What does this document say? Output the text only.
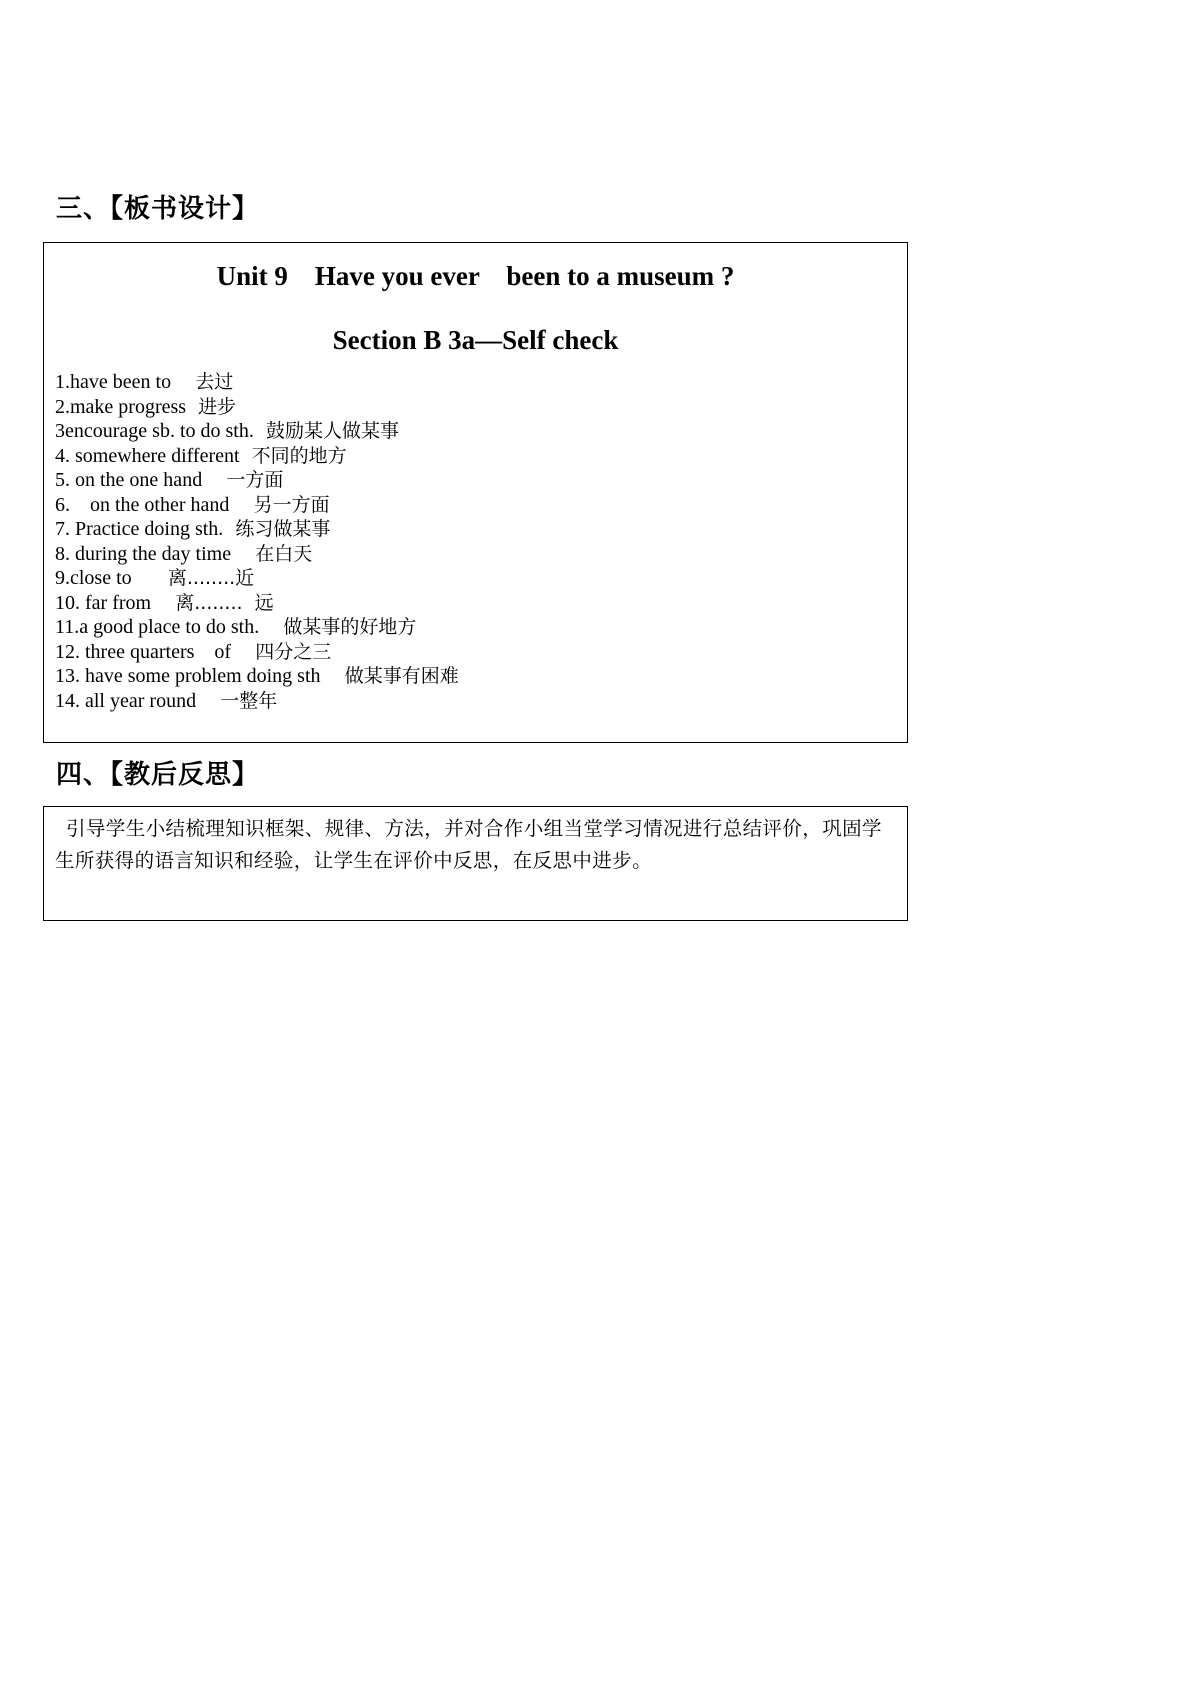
三、【板书设计】
Unit 9    Have you ever    been to a museum ?
Section B 3a—Self check
1.have been to    去过
2.make progress  进步
3encourage sb. to do sth.  鼓励某人做某事
4. somewhere different  不同的地方
5. on the one hand    一方面
6.    on the other hand    另一方面
7. Practice doing sth.  练习做某事
8. during the day time    在白天
9.close to      离........近
10. far from    离........  远
11.a good place to do sth.    做某事的好地方
12. three quarters    of    四分之三
13. have some problem doing sth    做某事有困难
14. all year round    一整年
四、【教后反思】

引导学生小结梳理知识框架、规律、方法，并对合作小组当堂学习情况进行总结评价，巩固学生所获得的语言知识和经验，让学生在评价中反思，在反思中进步。
